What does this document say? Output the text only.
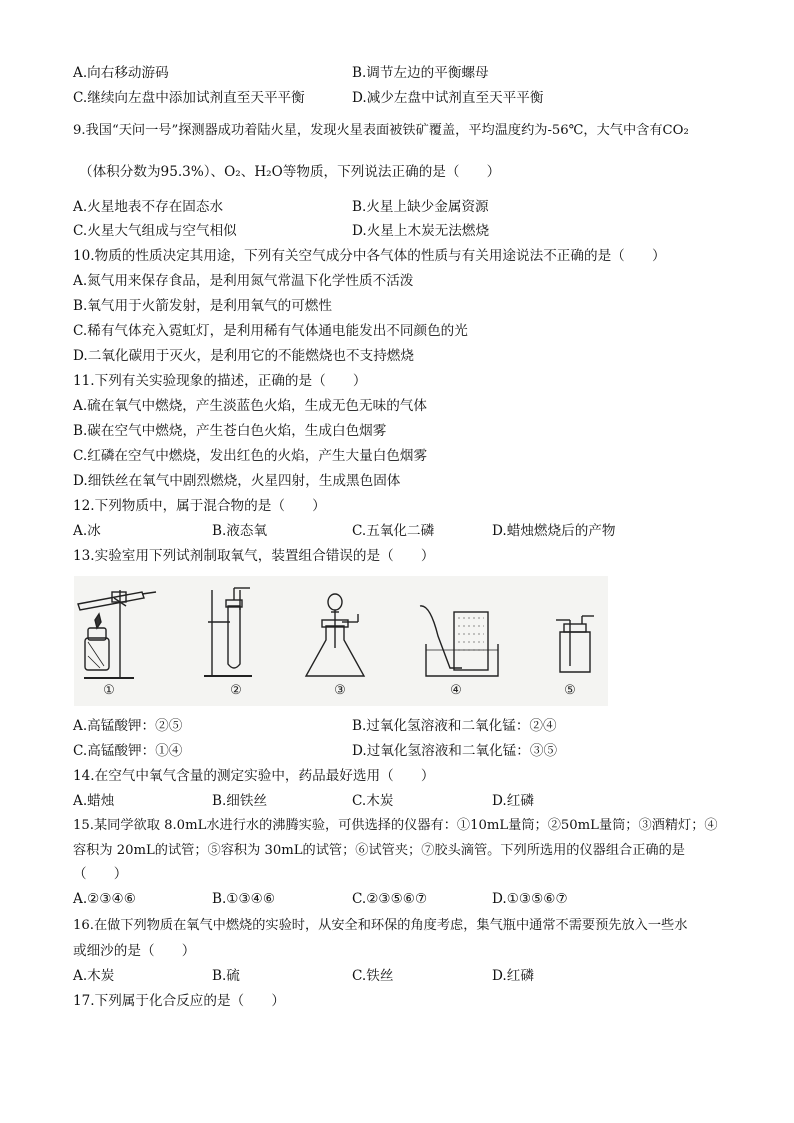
A.向右移动游码	B.调节左边的平衡螺母
C.继续向左盘中添加试剂直至天平平衡	D.减少左盘中试剂直至天平平衡
9.我国“天问一号”探测器成功着陆火星，发现火星表面被铁矿覆盖，平均温度约为-56℃，大气中含有CO₂
（体积分数为95.3%）、O₂、H₂O等物质，下列说法正确的是（　　）
A.火星地表不存在固态水	B.火星上缺少金属资源
C.火星大气组成与空气相似	D.火星上木炭无法燃烧
10.物质的性质决定其用途，下列有关空气成分中各气体的性质与有关用途说法不正确的是（　　）
A.氮气用来保存食品，是利用氮气常温下化学性质不活泼
B.氧气用于火箭发射，是利用氧气的可燃性
C.稀有气体充入霓虹灯，是利用稀有气体通电能发出不同颜色的光
D.二氧化碳用于灭火，是利用它的不能燃烧也不支持燃烧
11.下列有关实验现象的描述，正确的是（　　）
A.硫在氧气中燃烧，产生淡蓝色火焰，生成无色无味的气体
B.碳在空气中燃烧，产生苍白色火焰，生成白色烟雾
C.红磷在空气中燃烧，发出红色的火焰，产生大量白色烟雾
D.细铁丝在氧气中剧烈燃烧，火星四射，生成黑色固体
12.下列物质中，属于混合物的是（　　）
A.冰	B.液态氧	C.五氧化二磷	D.蜡烛燃烧后的产物
13.实验室用下列试剂制取氧气，装置组合错误的是（　　）
①	②	③	④	⑤
A.高锰酸钾：②⑤	B.过氧化氢溶液和二氧化锰：②④
C.高锰酸钾：①④	D.过氧化氢溶液和二氧化锰：③⑤
14.在空气中氧气含量的测定实验中，药品最好选用（　　）
A.蜡烛	B.细铁丝	C.木炭	D.红磷
15.某同学欲取 8.0mL水进行水的沸腾实验，可供选择的仪器有：①10mL量筒；②50mL量筒；③酒精灯；④
容积为 20mL的试管；⑤容积为 30mL的试管；⑥试管夹；⑦胶头滴管。下列所选用的仪器组合正确的是
（　　）
A.②③④⑥	B.①③④⑥	C.②③⑤⑥⑦	D.①③⑤⑥⑦
16.在做下列物质在氧气中燃烧的实验时，从安全和环保的角度考虑，集气瓶中通常不需要预先放入一些水
或细沙的是（　　）
A.木炭	B.硫	C.铁丝	D.红磷
17.下列属于化合反应的是（　　）
